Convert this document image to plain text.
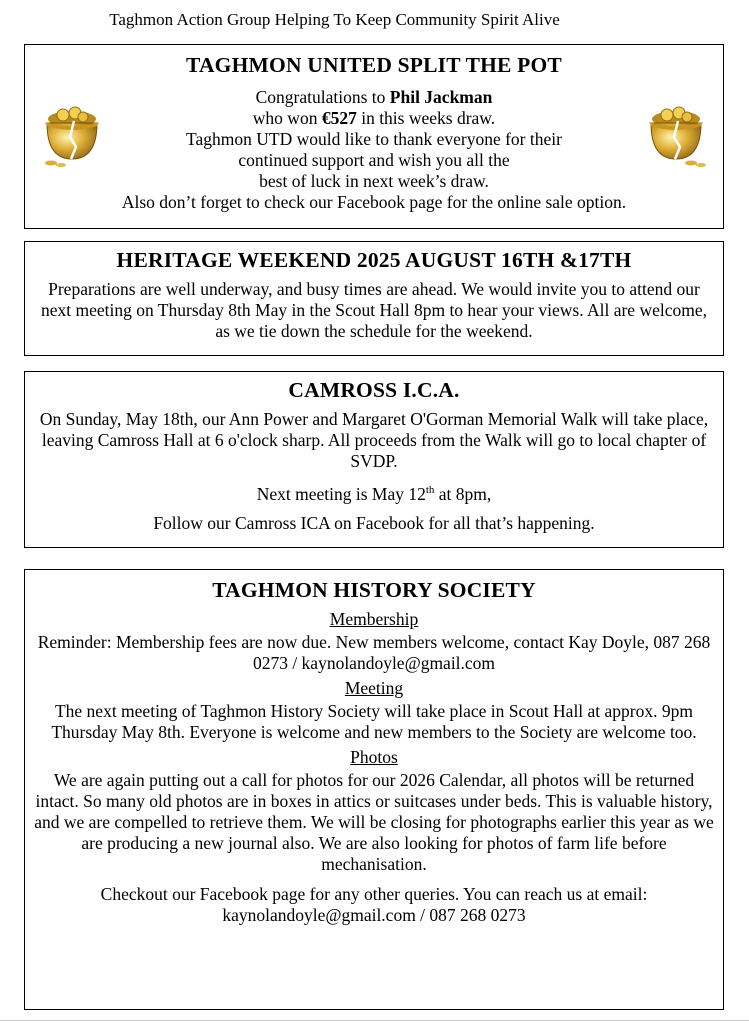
Taghmon Action Group Helping To Keep Community Spirit Alive
TAGHMON UNITED SPLIT THE POT
Congratulations to Phil Jackman
who won €527 in this weeks draw.
Taghmon UTD would like to thank everyone for their
continued support and wish you all the
best of luck in next week’s draw.
Also don’t forget to check our Facebook page for the online sale option.
HERITAGE WEEKEND 2025 AUGUST 16TH &17TH

Preparations are well underway, and busy times are ahead. We would invite you to attend our next meeting on Thursday 8th May in the Scout Hall 8pm to hear your views. All are welcome, as we tie down the schedule for the weekend.

CAMROSS I.C.A.

On Sunday, May 18th, our Ann Power and Margaret O'Gorman Memorial Walk will take place, leaving Camross Hall at 6 o'clock sharp. All proceeds from the Walk will go to local chapter of SVDP.

Next meeting is May 12th at 8pm,

Follow our Camross ICA on Facebook for all that’s happening.

TAGHMON HISTORY SOCIETY
Membership

Reminder: Membership fees are now due. New members welcome, contact Kay Doyle, 087 268 0273 / kaynolandoyle@gmail.com

Meeting

The next meeting of Taghmon History Society will take place in Scout Hall at approx. 9pm Thursday May 8th. Everyone is welcome and new members to the Society are welcome too.

Photos

We are again putting out a call for photos for our 2026 Calendar, all photos will be returned intact. So many old photos are in boxes in attics or suitcases under beds. This is valuable history, and we are compelled to retrieve them. We will be closing for photographs earlier this year as we are producing a new journal also. We are also looking for photos of farm life before mechanisation.

Checkout our Facebook page for any other queries. You can reach us at email: kaynolandoyle@gmail.com / 087 268 0273
